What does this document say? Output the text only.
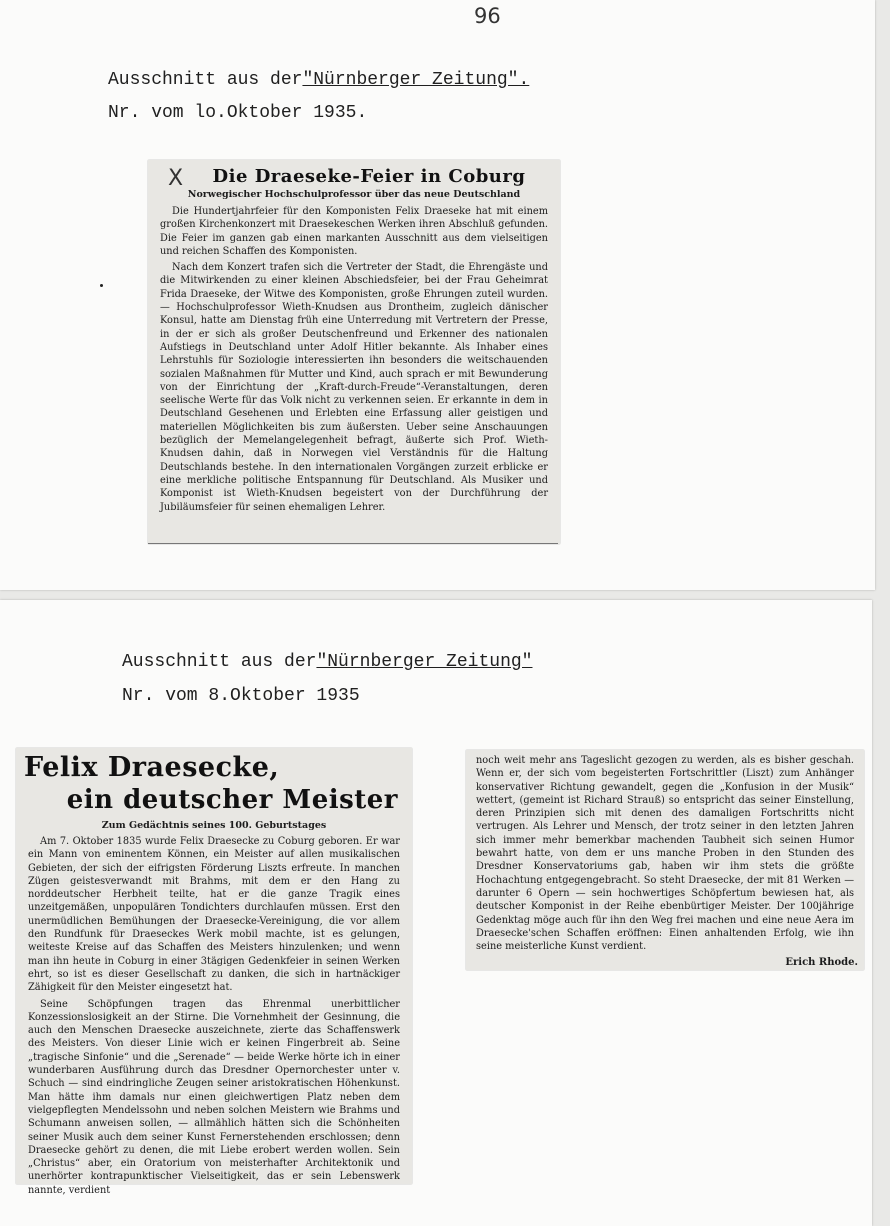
96
Ausschnitt aus der"Nürnberger Zeitung".
Nr. vom lo.Oktober 1935.
Die Draeseke-Feier in Coburg
Norwegischer Hochschulprofessor über das neue Deutschland

Die Hundertjahrfeier für den Komponisten Felix Draeseke hat mit einem großen Kirchenkonzert mit Draesekeschen Werken ihren Abschluß gefunden. Die Feier im ganzen gab einen markanten Ausschnitt aus dem vielseitigen und reichen Schaffen des Komponisten.

Nach dem Konzert trafen sich die Vertreter der Stadt, die Ehrengäste und die Mitwirkenden zu einer kleinen Abschiedsfeier, bei der Frau Geheimrat Frida Draeseke, der Witwe des Komponisten, große Ehrungen zuteil wurden. — Hochschulprofessor Wieth-Knudsen aus Drontheim, zugleich dänischer Konsul, hatte am Dienstag früh eine Unterredung mit Vertretern der Presse, in der er sich als großer Deutschenfreund und Erkenner des nationalen Aufstiegs in Deutschland unter Adolf Hitler bekannte. Als Inhaber eines Lehrstuhls für Soziologie interessierten ihn besonders die weitschauenden sozialen Maßnahmen für Mutter und Kind, auch sprach er mit Bewunderung von der Einrichtung der „Kraft-durch-Freude“-Veranstaltungen, deren seelische Werte für das Volk nicht zu verkennen seien. Er erkannte in dem in Deutschland Gesehenen und Erlebten eine Erfassung aller geistigen und materiellen Möglichkeiten bis zum äußersten. Ueber seine Anschauungen bezüglich der Memelangelegenheit befragt, äußerte sich Prof. Wieth-Knudsen dahin, daß in Norwegen viel Verständnis für die Haltung Deutschlands bestehe. In den internationalen Vorgängen zurzeit erblicke er eine merkliche politische Entspannung für Deutschland. Als Musiker und Komponist ist Wieth-Knudsen begeistert von der Durchführung der Jubiläumsfeier für seinen ehemaligen Lehrer.

X
Ausschnitt aus der"Nürnberger Zeitung"
Nr. vom 8.Oktober 1935
Felix Draesecke,
ein deutscher Meister
Zum Gedächtnis seines 100. Geburtstages

Am 7. Oktober 1835 wurde Felix Draesecke zu Coburg geboren. Er war ein Mann von eminentem Können, ein Meister auf allen musikalischen Gebieten, der sich der eifrigsten Förderung Liszts erfreute. In manchen Zügen geistesverwandt mit Brahms, mit dem er den Hang zu norddeutscher Herbheit teilte, hat er die ganze Tragik eines unzeitgemäßen, unpopulären Tondichters durchlaufen müssen. Erst den unermüdlichen Bemühungen der Draesecke-Vereinigung, die vor allem den Rundfunk für Draeseckes Werk mobil machte, ist es gelungen, weiteste Kreise auf das Schaffen des Meisters hinzulenken; und wenn man ihn heute in Coburg in einer 3tägigen Gedenkfeier in seinen Werken ehrt, so ist es dieser Gesellschaft zu danken, die sich in hartnäckiger Zähigkeit für den Meister eingesetzt hat.

Seine Schöpfungen tragen das Ehrenmal unerbittlicher Konzessionslosigkeit an der Stirne. Die Vornehmheit der Gesinnung, die auch den Menschen Draesecke auszeichnete, zierte das Schaffenswerk des Meisters. Von dieser Linie wich er keinen Fingerbreit ab. Seine „tragische Sinfonie“ und die „Serenade“ — beide Werke hörte ich in einer wunderbaren Ausführung durch das Dresdner Opernorchester unter v. Schuch — sind eindringliche Zeugen seiner aristokratischen Höhenkunst. Man hätte ihm damals nur einen gleichwertigen Platz neben dem vielgepflegten Mendelssohn und neben solchen Meistern wie Brahms und Schumann anweisen sollen, — allmählich hätten sich die Schönheiten seiner Musik auch dem seiner Kunst Fernerstehenden erschlossen; denn Draesecke gehört zu denen, die mit Liebe erobert werden wollen. Sein „Christus“ aber, ein Oratorium von meisterhafter Architektonik und unerhörter kontrapunktischer Vielseitigkeit, das er sein Lebenswerk nannte, verdient

noch weit mehr ans Tageslicht gezogen zu werden, als es bisher geschah. Wenn er, der sich vom begeisterten Fortschrittler (Liszt) zum Anhänger konservativer Richtung gewandelt, gegen die „Konfusion in der Musik“ wettert, (gemeint ist Richard Strauß) so entspricht das seiner Einstellung, deren Prinzipien sich mit denen des damaligen Fortschritts nicht vertrugen. Als Lehrer und Mensch, der trotz seiner in den letzten Jahren sich immer mehr bemerkbar machenden Taubheit sich seinen Humor bewahrt hatte, von dem er uns manche Proben in den Stunden des Dresdner Konservatoriums gab, haben wir ihm stets die größte Hochachtung entgegengebracht. So steht Draesecke, der mit 81 Werken — darunter 6 Opern — sein hochwertiges Schöpfertum bewiesen hat, als deutscher Komponist in der Reihe ebenbürtiger Meister. Der 100jährige Gedenktag möge auch für ihn den Weg frei machen und eine neue Aera im Draesecke'schen Schaffen eröffnen: Einen anhaltenden Erfolg, wie ihn seine meisterliche Kunst verdient.

Erich Rhode.
